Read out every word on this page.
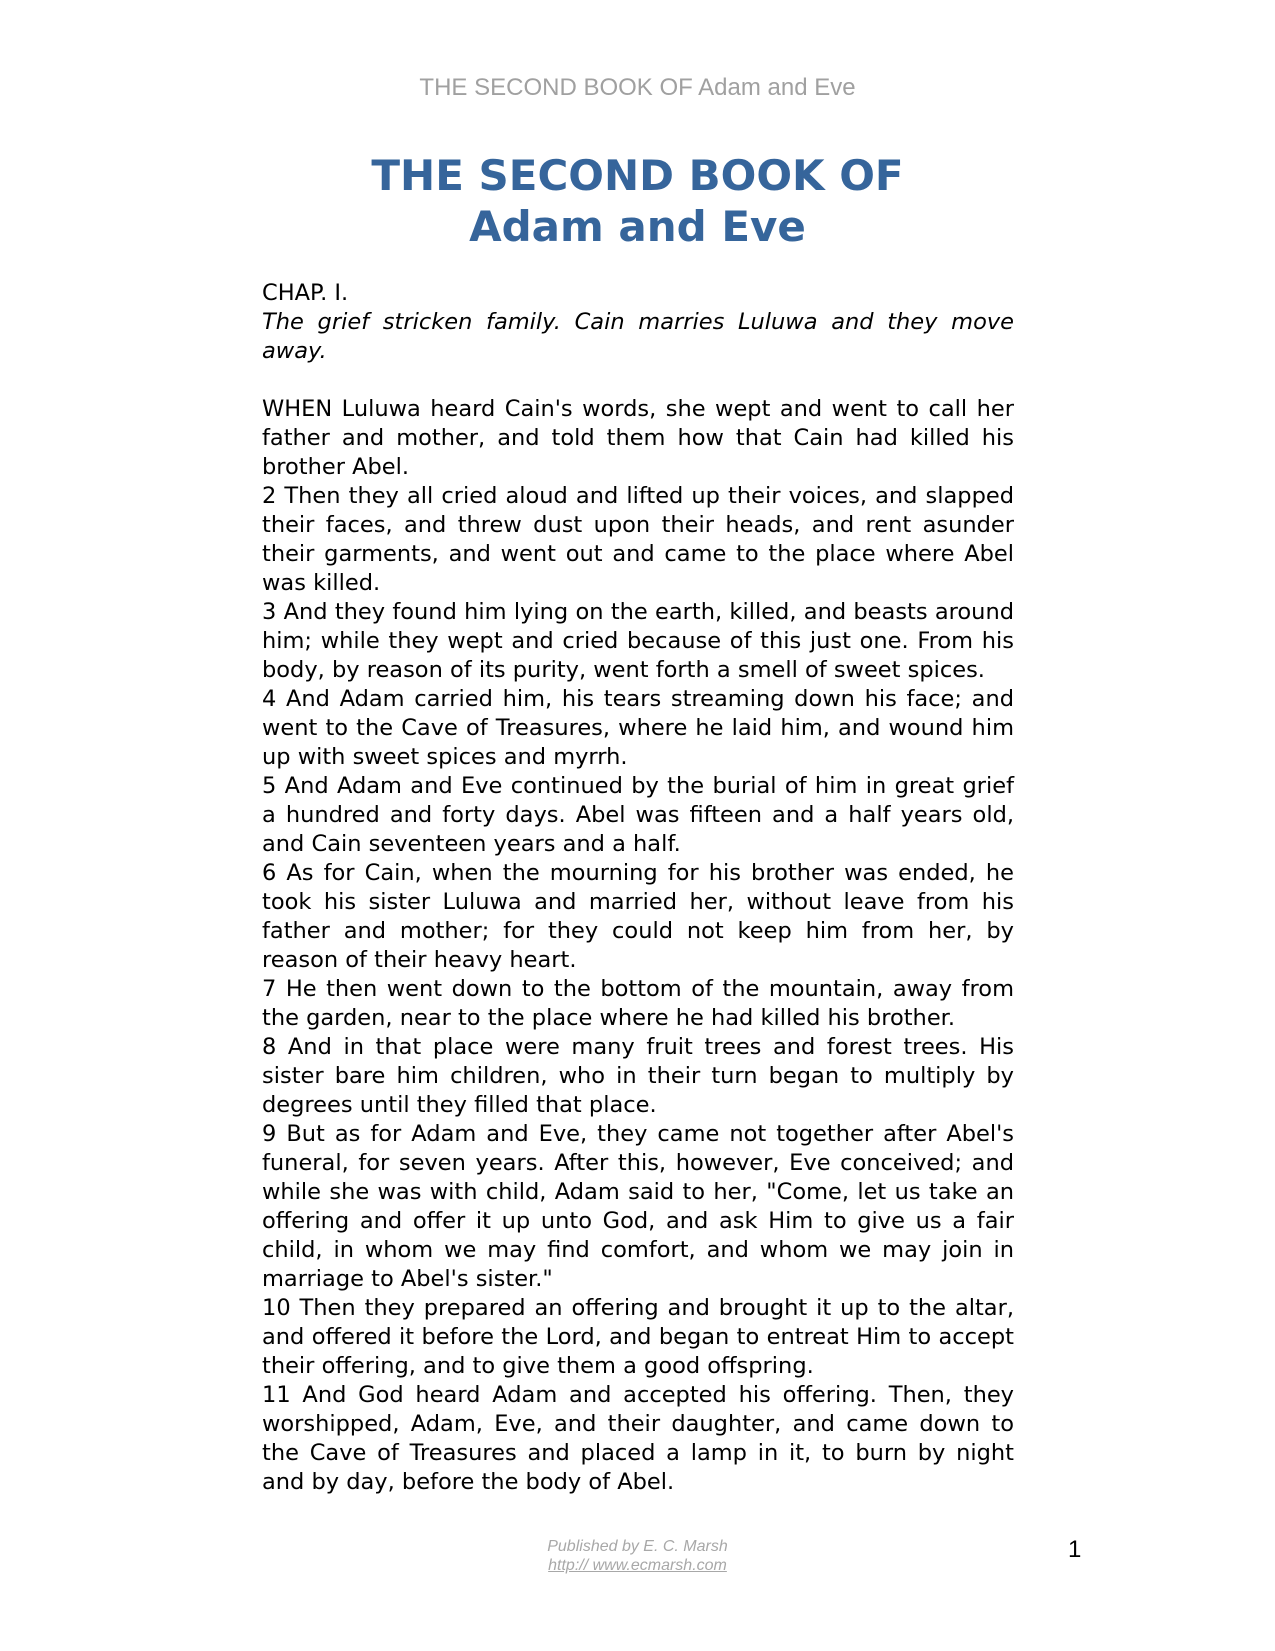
THE SECOND BOOK OF Adam and Eve
THE SECOND BOOK OF
Adam and Eve

CHAP. I.

The grief stricken family. Cain marries Luluwa and they move away.

WHEN Luluwa heard Cain's words, she wept and went to call her father and mother, and told them how that Cain had killed his brother Abel.

2 Then they all cried aloud and lifted up their voices, and slapped their faces, and threw dust upon their heads, and rent asunder their garments, and went out and came to the place where Abel was killed.

3 And they found him lying on the earth, killed, and beasts around him; while they wept and cried because of this just one. From his body, by reason of its purity, went forth a smell of sweet spices.

4 And Adam carried him, his tears streaming down his face; and went to the Cave of Treasures, where he laid him, and wound him up with sweet spices and myrrh.

5 And Adam and Eve continued by the burial of him in great grief a hundred and forty days. Abel was fifteen and a half years old, and Cain seventeen years and a half.

6 As for Cain, when the mourning for his brother was ended, he took his sister Luluwa and married her, without leave from his father and mother; for they could not keep him from her, by reason of their heavy heart.

7 He then went down to the bottom of the mountain, away from the garden, near to the place where he had killed his brother.

8 And in that place were many fruit trees and forest trees. His sister bare him children, who in their turn began to multiply by degrees until they filled that place.

9 But as for Adam and Eve, they came not together after Abel's funeral, for seven years. After this, however, Eve conceived; and while she was with child, Adam said to her, "Come, let us take an offering and offer it up unto God, and ask Him to give us a fair child, in whom we may find comfort, and whom we may join in marriage to Abel's sister."

10 Then they prepared an offering and brought it up to the altar, and offered it before the Lord, and began to entreat Him to accept their offering, and to give them a good offspring.

11 And God heard Adam and accepted his offering. Then, they worshipped, Adam, Eve, and their daughter, and came down to the Cave of Treasures and placed a lamp in it, to burn by night and by day, before the body of Abel.

Published by E. C. Marsh
http:// www.ecmarsh.com
1
